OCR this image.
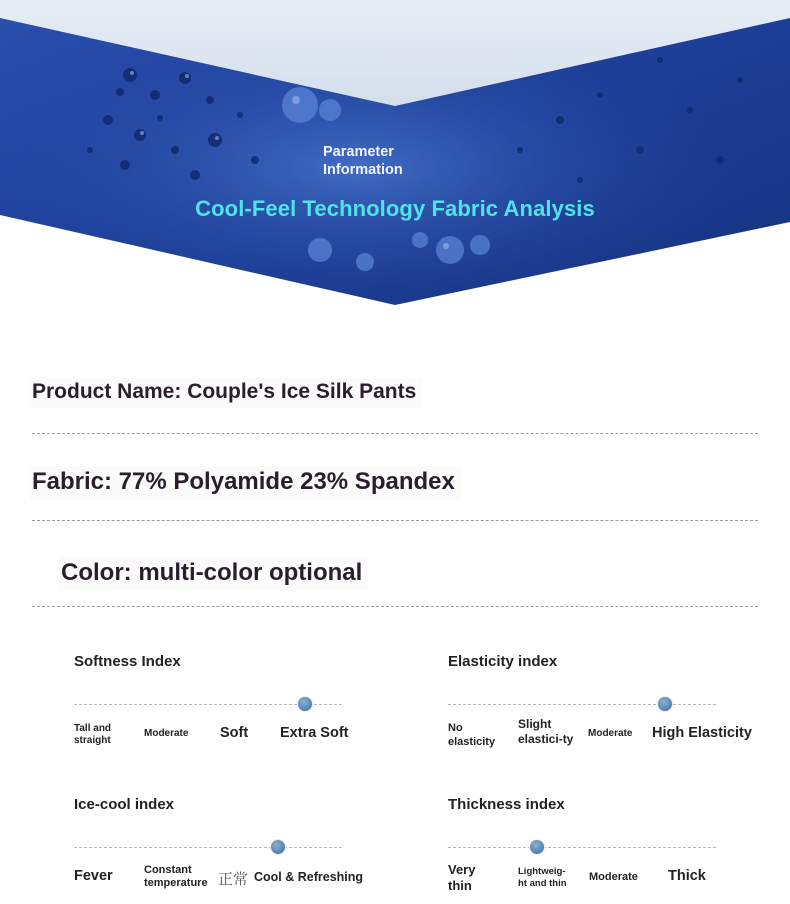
Parameter
Information
Cool-Feel Technology Fabric Analysis
Product Name: Couple's Ice Silk Pants
Fabric: 77% Polyamide 23% Spandex
Color: multi-color optional
Softness Index
Tall and straight
Moderate Soft Extra Soft
Elasticity index
No elasticity
Slight elastici-ty Moderate High Elasticity
Ice-cool index
Fever	Constant temperature 正常 Cool & Refreshing
Thickness index
Very thin
Lightweig-ht and thin
Moderate Thick
